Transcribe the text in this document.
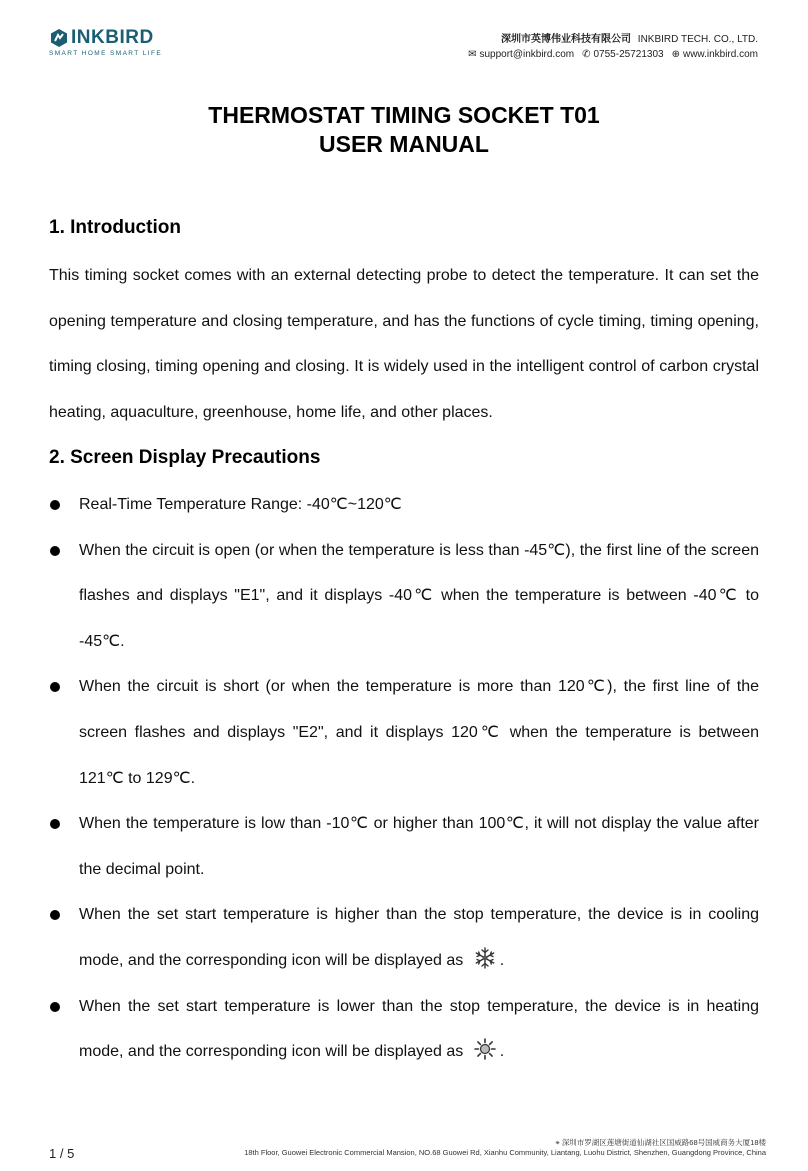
INKBIRD
SMART HOME SMART LIFE
深圳市英博伟业科技有限公司 INKBIRD TECH. CO., LTD.
✉ support@inkbird.com ✆ 0755-25721303 ⊕ www.inkbird.com
THERMOSTAT TIMING SOCKET T01
USER MANUAL
1. Introduction
This timing socket comes with an external detecting probe to detect the temperature. It can set the opening temperature and closing temperature, and has the functions of cycle timing, timing opening, timing closing, timing opening and closing. It is widely used in the intelligent control of carbon crystal heating, aquaculture, greenhouse, home life, and other places.
2. Screen Display Precautions
Real-Time Temperature Range: -40℃~120℃
When the circuit is open (or when the temperature is less than -45℃), the first line of the screen flashes and displays "E1", and it displays -40℃ when the temperature is between -40℃ to -45℃.
When the circuit is short (or when the temperature is more than 120℃), the first line of the screen flashes and displays "E2", and it displays 120℃ when the temperature is between 121℃ to 129℃.
When the temperature is low than -10℃ or higher than 100℃, it will not display the value after the decimal point.
When the set start temperature is higher than the stop temperature, the device is in cooling mode, and the corresponding icon will be displayed as .
When the set start temperature is lower than the stop temperature, the device is in heating mode, and the corresponding icon will be displayed as .
1 / 5
⌖ 深圳市罗湖区莲塘街道仙湖社区国威路68号国威商务大厦18楼
18th Floor, Guowei Electronic Commercial Mansion, NO.68 Guowei Rd, Xianhu Community, Liantang, Luohu District, Shenzhen, Guangdong Province, China
